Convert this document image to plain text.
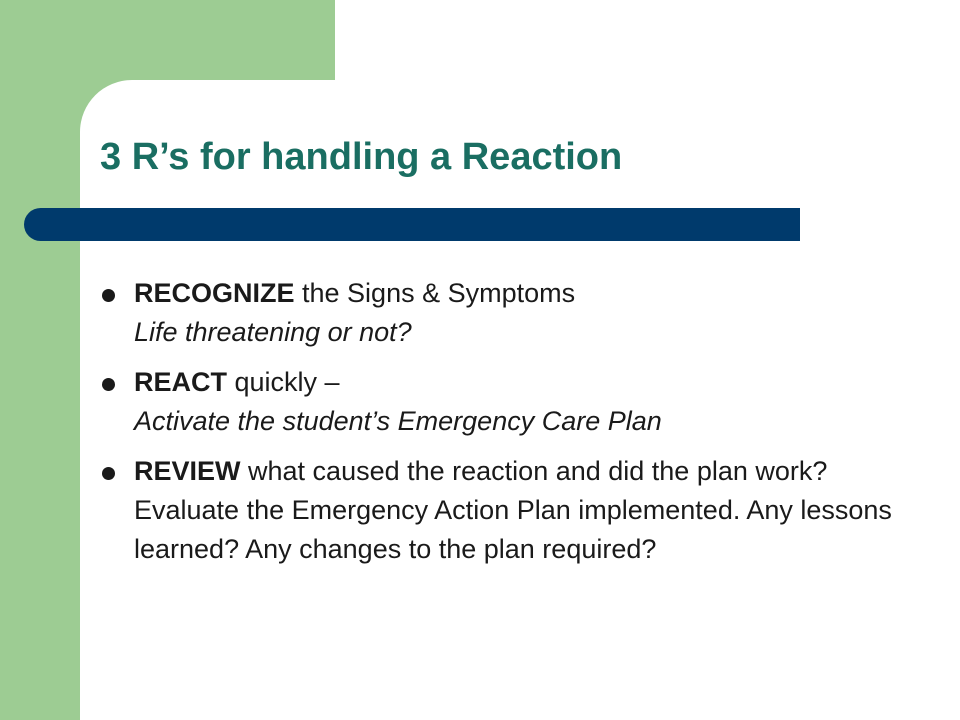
3 R’s for handling a Reaction
RECOGNIZE the Signs & Symptoms
Life threatening or not?
REACT quickly –
Activate the student’s Emergency Care Plan
REVIEW what caused the reaction and did the plan work? Evaluate the Emergency Action Plan implemented. Any lessons learned? Any changes to the plan required?
